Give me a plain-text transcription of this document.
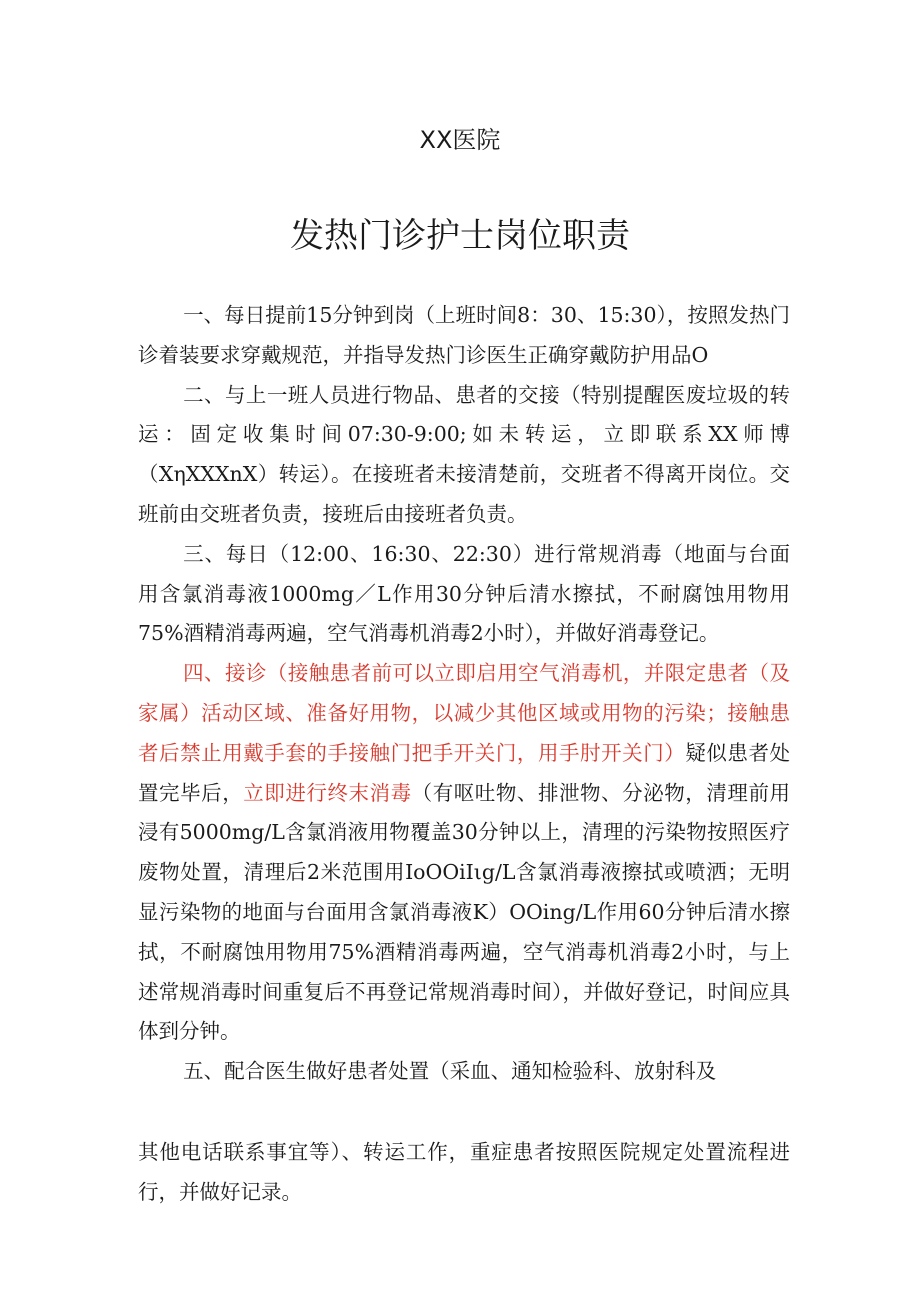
XX医院
发热门诊护士岗位职责

一、每日提前15分钟到岗（上班时间8：30、15:30），按照发热门诊着装要求穿戴规范，并指导发热门诊医生正确穿戴防护用品O

二、与上一班人员进行物品、患者的交接（特别提醒医废垃圾的转运：固定收集时间07:30-9:00;如未转运，立即联系XX师博（XηXXXnX）转运）。在接班者未接清楚前，交班者不得离开岗位。交班前由交班者负责，接班后由接班者负责。

三、每日（12:00、16:30、22:30）进行常规消毒（地面与台面用含氯消毒液1000mg／L作用30分钟后清水擦拭，不耐腐蚀用物用75%酒精消毒两遍，空气消毒机消毒2小时），并做好消毒登记。

四、接诊（接触患者前可以立即启用空气消毒机，并限定患者（及家属）活动区域、准备好用物，以减少其他区域或用物的污染；接触患者后禁止用戴手套的手接触门把手开关门，用手肘开关门）疑似患者处置完毕后，立即进行终末消毒（有呕吐物、排泄物、分泌物，清理前用浸有5000mg/L含氯消液用物覆盖30分钟以上，清理的污染物按照医疗废物处置，清理后2米范围用IoOOiIιg/L含氯消毒液擦拭或喷洒；无明显污染物的地面与台面用含氯消毒液K）OOing/L作用60分钟后清水擦拭，不耐腐蚀用物用75%酒精消毒两遍，空气消毒机消毒2小时，与上述常规消毒时间重复后不再登记常规消毒时间），并做好登记，时间应具体到分钟。

五、配合医生做好患者处置（采血、通知检验科、放射科及

其他电话联系事宜等）、转运工作，重症患者按照医院规定处置流程进行，并做好记录。
